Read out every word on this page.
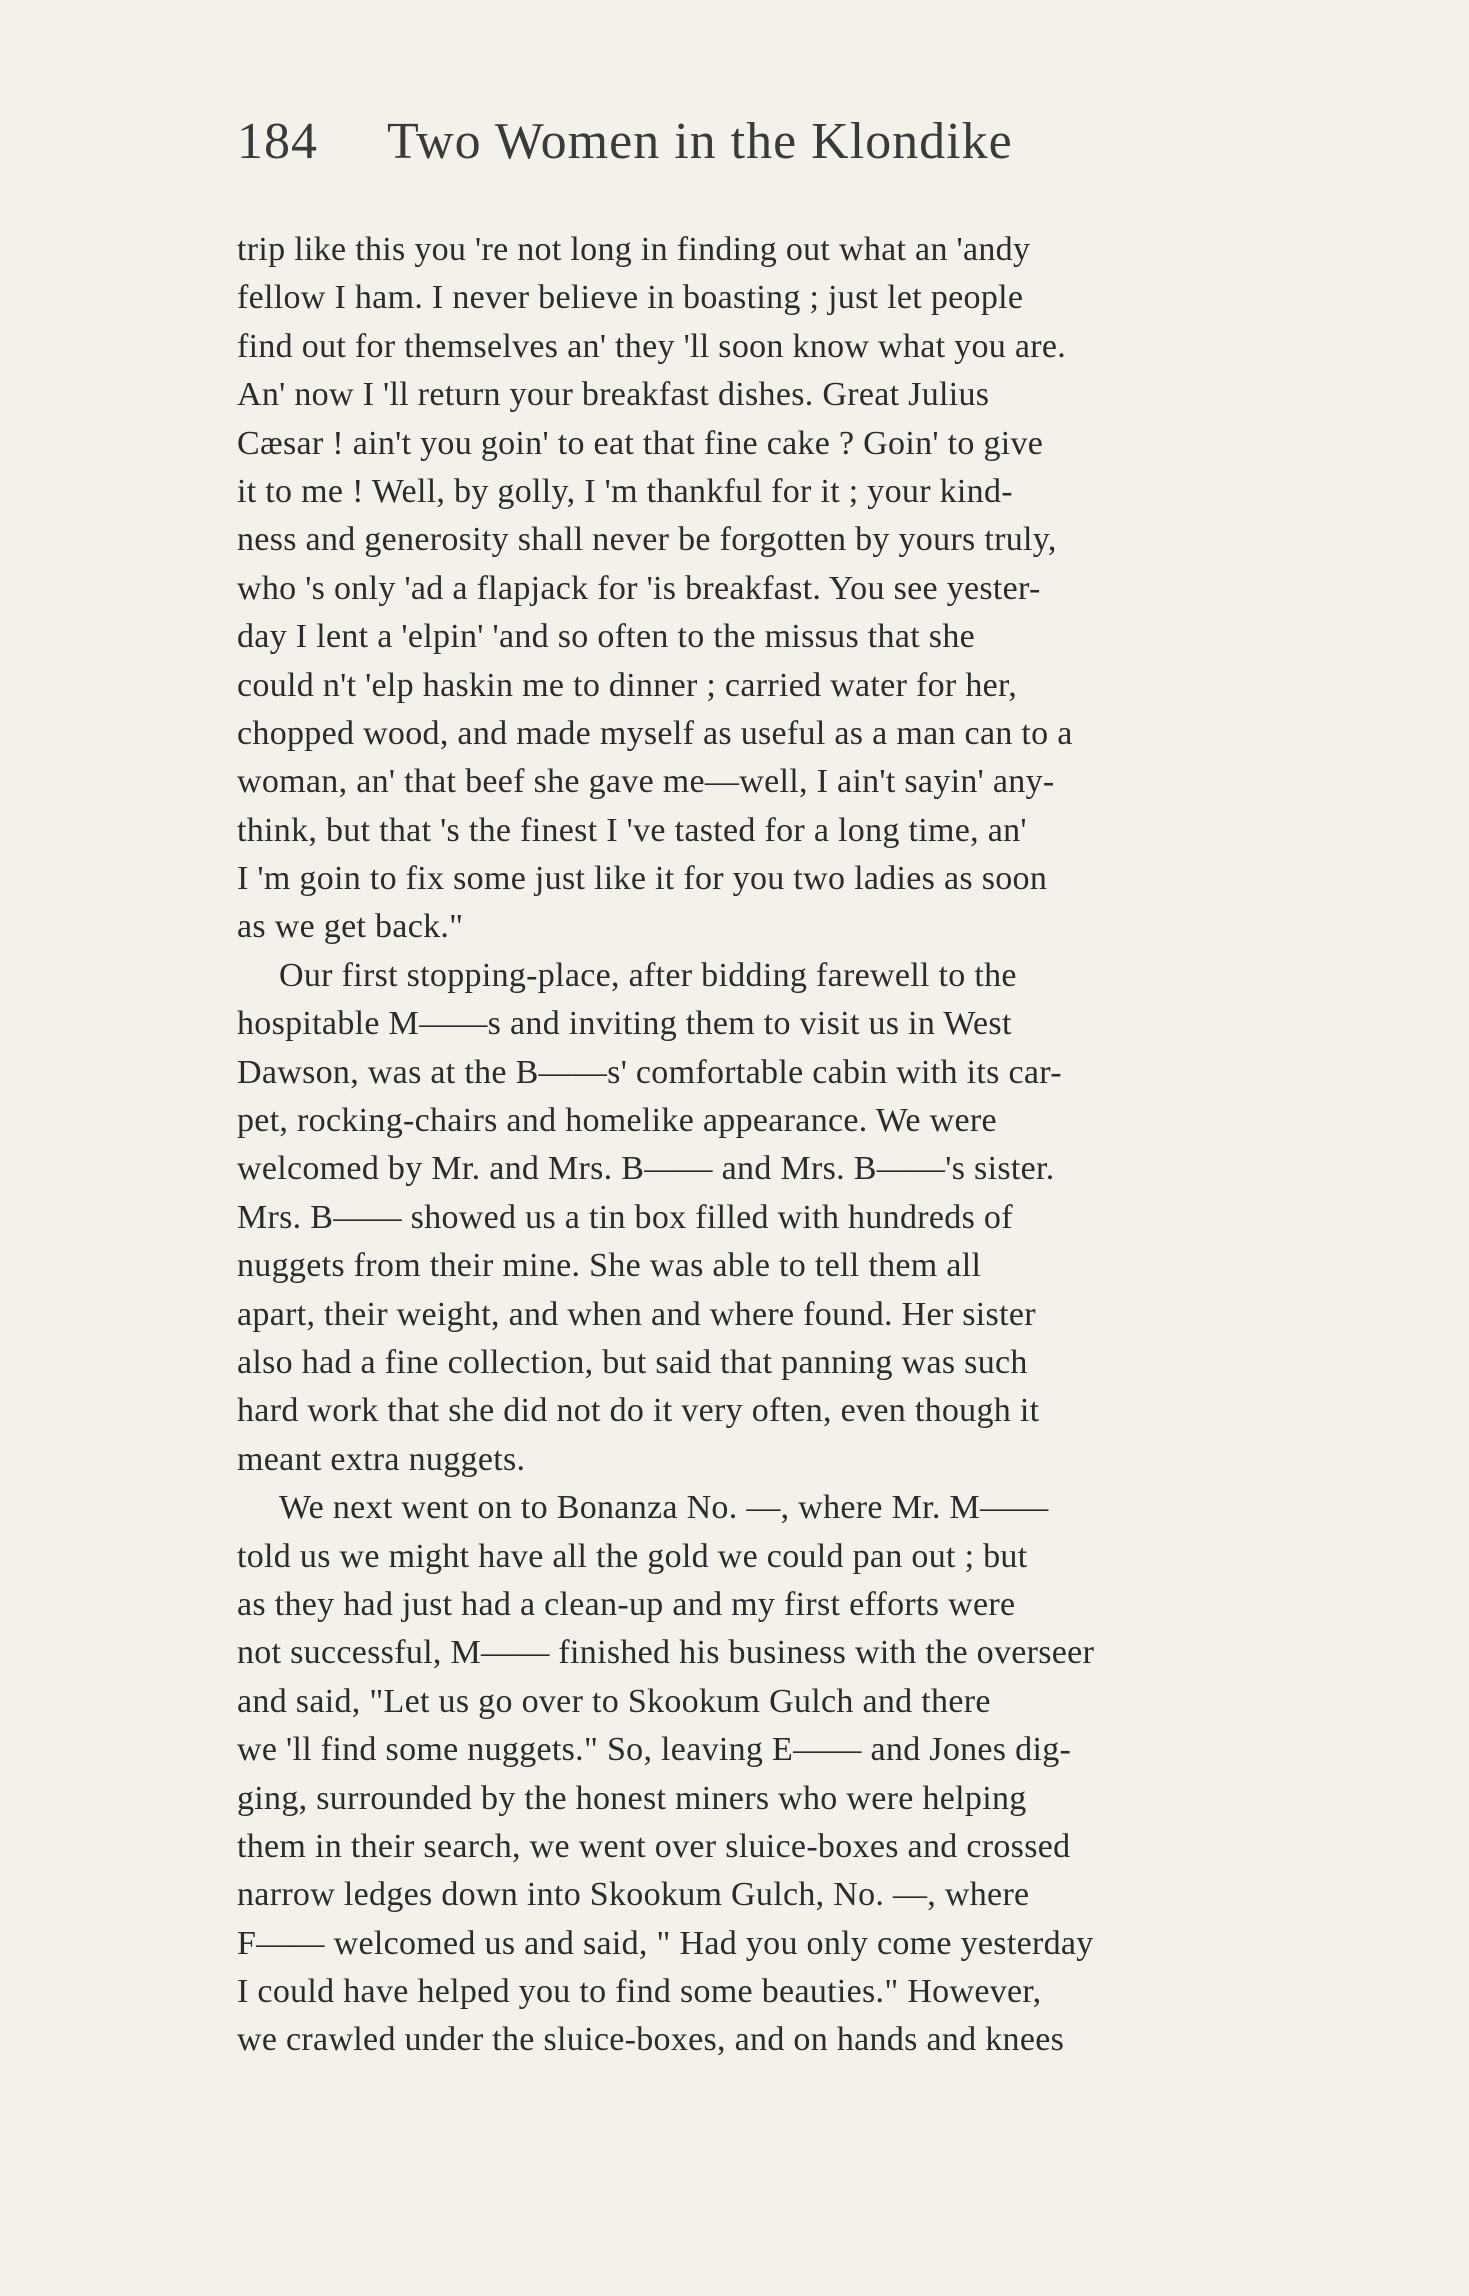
184 Two Women in the Klondike
trip like this you 're not long in finding out what an 'andy
fellow I ham. I never believe in boasting ; just let people
find out for themselves an' they 'll soon know what you are.
An' now I 'll return your breakfast dishes. Great Julius
Cæsar ! ain't you goin' to eat that fine cake ? Goin' to give
it to me ! Well, by golly, I 'm thankful for it ; your kind-
ness and generosity shall never be forgotten by yours truly,
who 's only 'ad a flapjack for 'is breakfast. You see yester-
day I lent a 'elpin' 'and so often to the missus that she
could n't 'elp haskin me to dinner ; carried water for her,
chopped wood, and made myself as useful as a man can to a
woman, an' that beef she gave me—well, I ain't sayin' any-
think, but that 's the finest I 've tasted for a long time, an'
I 'm goin to fix some just like it for you two ladies as soon
as we get back."
Our first stopping-place, after bidding farewell to the
hospitable M——s and inviting them to visit us in West
Dawson, was at the B——s' comfortable cabin with its car-
pet, rocking-chairs and homelike appearance. We were
welcomed by Mr. and Mrs. B—— and Mrs. B——'s sister.
Mrs. B—— showed us a tin box filled with hundreds of
nuggets from their mine. She was able to tell them all
apart, their weight, and when and where found. Her sister
also had a fine collection, but said that panning was such
hard work that she did not do it very often, even though it
meant extra nuggets.
We next went on to Bonanza No. —, where Mr. M——
told us we might have all the gold we could pan out ; but
as they had just had a clean-up and my first efforts were
not successful, M—— finished his business with the overseer
and said, "Let us go over to Skookum Gulch and there
we 'll find some nuggets." So, leaving E—— and Jones dig-
ging, surrounded by the honest miners who were helping
them in their search, we went over sluice-boxes and crossed
narrow ledges down into Skookum Gulch, No. —, where
F—— welcomed us and said, " Had you only come yesterday
I could have helped you to find some beauties." However,
we crawled under the sluice-boxes, and on hands and knees
